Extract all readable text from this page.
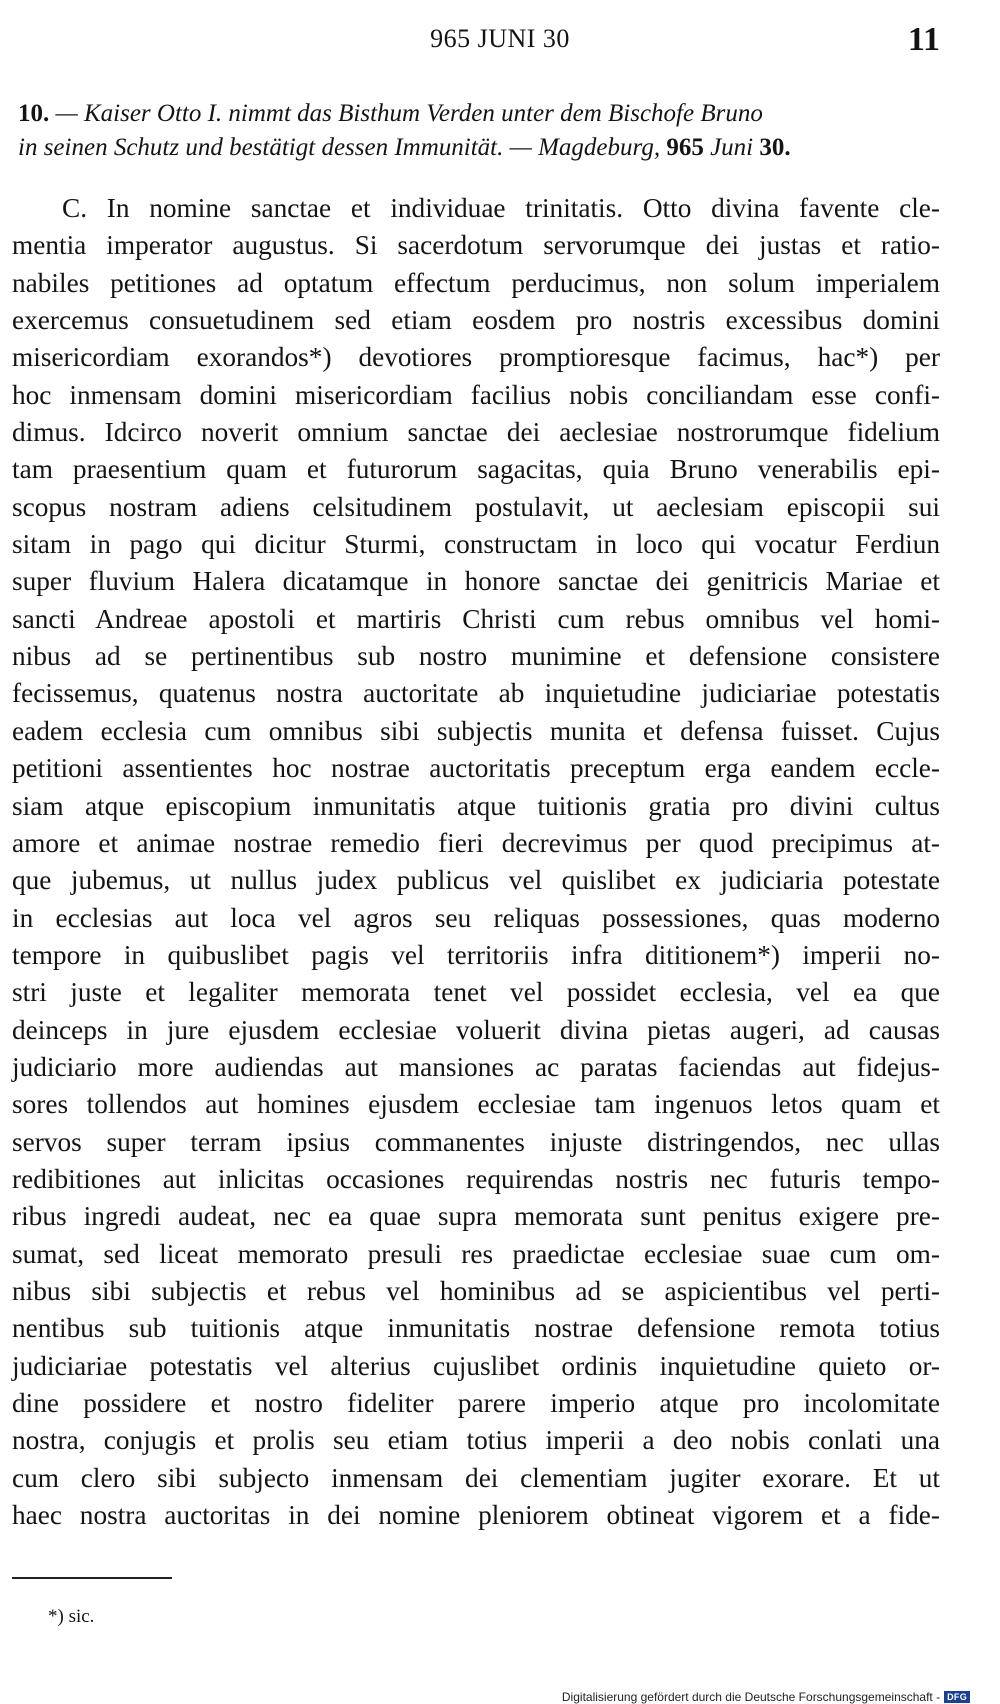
965 JUNI 30	11
10. — Kaiser Otto I. nimmt das Bisthum Verden unter dem Bischofe Bruno
in seinen Schutz und bestätigt dessen Immunität. — Magdeburg, 965 Juni 30.
C. In nomine sanctae et individuae trinitatis. Otto divina favente cle-
mentia imperator augustus. Si sacerdotum servorumque dei justas et ratio-
nabiles petitiones ad optatum effectum perducimus, non solum imperialem
exercemus consuetudinem sed etiam eosdem pro nostris excessibus domini
misericordiam exorandos*) devotiores promptioresque facimus, hac*) per
hoc inmensam domini misericordiam facilius nobis conciliandam esse confi-
dimus. Idcirco noverit omnium sanctae dei aeclesiae nostrorumque fidelium
tam praesentium quam et futurorum sagacitas, quia Bruno venerabilis epi-
scopus nostram adiens celsitudinem postulavit, ut aeclesiam episcopii sui
sitam in pago qui dicitur Sturmi, constructam in loco qui vocatur Ferdiun
super fluvium Halera dicatamque in honore sanctae dei genitricis Mariae et
sancti Andreae apostoli et martiris Christi cum rebus omnibus vel homi-
nibus ad se pertinentibus sub nostro munimine et defensione consistere
fecissemus, quatenus nostra auctoritate ab inquietudine judiciariae potestatis
eadem ecclesia cum omnibus sibi subjectis munita et defensa fuisset. Cujus
petitioni assentientes hoc nostrae auctoritatis preceptum erga eandem eccle-
siam atque episcopium inmunitatis atque tuitionis gratia pro divini cultus
amore et animae nostrae remedio fieri decrevimus per quod precipimus at-
que jubemus, ut nullus judex publicus vel quislibet ex judiciaria potestate
in ecclesias aut loca vel agros seu reliquas possessiones, quas moderno
tempore in quibuslibet pagis vel territoriis infra dititionem*) imperii no-
stri juste et legaliter memorata tenet vel possidet ecclesia, vel ea que
deinceps in jure ejusdem ecclesiae voluerit divina pietas augeri, ad causas
judiciario more audiendas aut mansiones ac paratas faciendas aut fidejus-
sores tollendos aut homines ejusdem ecclesiae tam ingenuos letos quam et
servos super terram ipsius commanentes injuste distringendos, nec ullas
redibitiones aut inlicitas occasiones requirendas nostris nec futuris tempo-
ribus ingredi audeat, nec ea quae supra memorata sunt penitus exigere pre-
sumat, sed liceat memorato presuli res praedictae ecclesiae suae cum om-
nibus sibi subjectis et rebus vel hominibus ad se aspicientibus vel perti-
nentibus sub tuitionis atque inmunitatis nostrae defensione remota totius
judiciariae potestatis vel alterius cujuslibet ordinis inquietudine quieto or-
dine possidere et nostro fideliter parere imperio atque pro incolomitate
nostra, conjugis et prolis seu etiam totius imperii a deo nobis conlati una
cum clero sibi subjecto inmensam dei clementiam jugiter exorare. Et ut
haec nostra auctoritas in dei nomine pleniorem obtineat vigorem et a fide-
*) sic.
Digitalisierung gefördert durch die Deutsche Forschungsgemeinschaft - DFG
